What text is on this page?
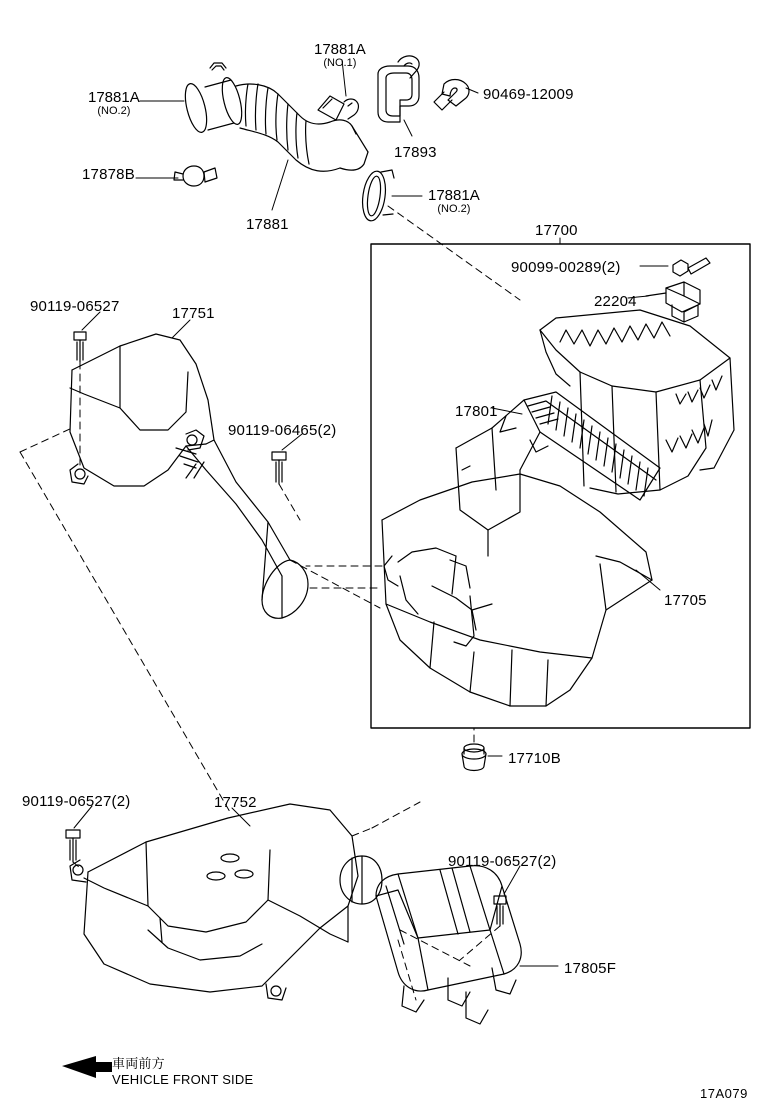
17881A
(NO.1)
90469-12009
17881A
(NO.2)
17893
17878B
17881A
(NO.2)
17881	17700
90099-00289(2)
22204
90119-06527	17751
17801
90119-06465(2)
17705
17710B
90119-06527(2)	17752
90119-06527(2)
17805F
車両前方
VEHICLE FRONT SIDE
17A079
